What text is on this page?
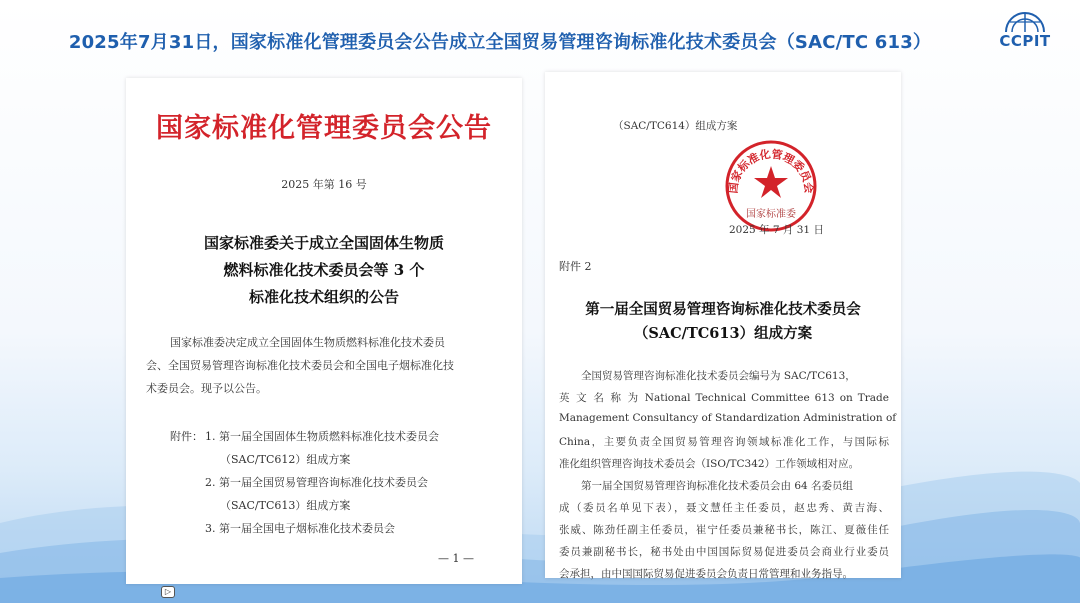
2025年7月31日，国家标准化管理委员会公告成立全国贸易管理咨询标准化技术委员会（SAC/TC 613）	CCPIT
国家标准化管理委员会公告
2025 年第 16 号
国家标准委关于成立全国固体生物质
燃料标准化技术委员会等 3 个
标准化技术组织的公告
国家标准委决定成立全国固体生物质燃料标准化技术委员
会、全国贸易管理咨询标准化技术委员会和全国电子烟标准化技
术委员会。现予以公告。
附件： 1. 第一届全国固体生物质燃料标准化技术委员会
（SAC/TC612）组成方案
2. 第一届全国贸易管理咨询标准化技术委员会
（SAC/TC613）组成方案
3. 第一届全国电子烟标准化技术委员会
— 1 —
（SAC/TC614）组成方案
国家标准化管理委员会
国家标准委
2025 年 7 月 31 日
附件 2
第一届全国贸易管理咨询标准化技术委员会
（SAC/TC613）组成方案
全国贸易管理咨询标准化技术委员会编号为 SAC/TC613，
英 文 名 称 为 National Technical Committee 613 on Trade
Management Consultancy of Standardization Administration of
China，主要负责全国贸易管理咨询领域标准化工作，与国际标
准化组织管理咨询技术委员会（ISO/TC342）工作领域相对应。
第一届全国贸易管理咨询标准化技术委员会由 64 名委员组
成（委员名单见下表），聂文慧任主任委员，赵忠秀、黄吉海、
张威、陈劲任副主任委员，崔宁任委员兼秘书长，陈江、夏薇佳任
委员兼副秘书长，秘书处由中国国际贸易促进委员会商业行业委员
会承担，由中国国际贸易促进委员会负责日常管理和业务指导。
▷
